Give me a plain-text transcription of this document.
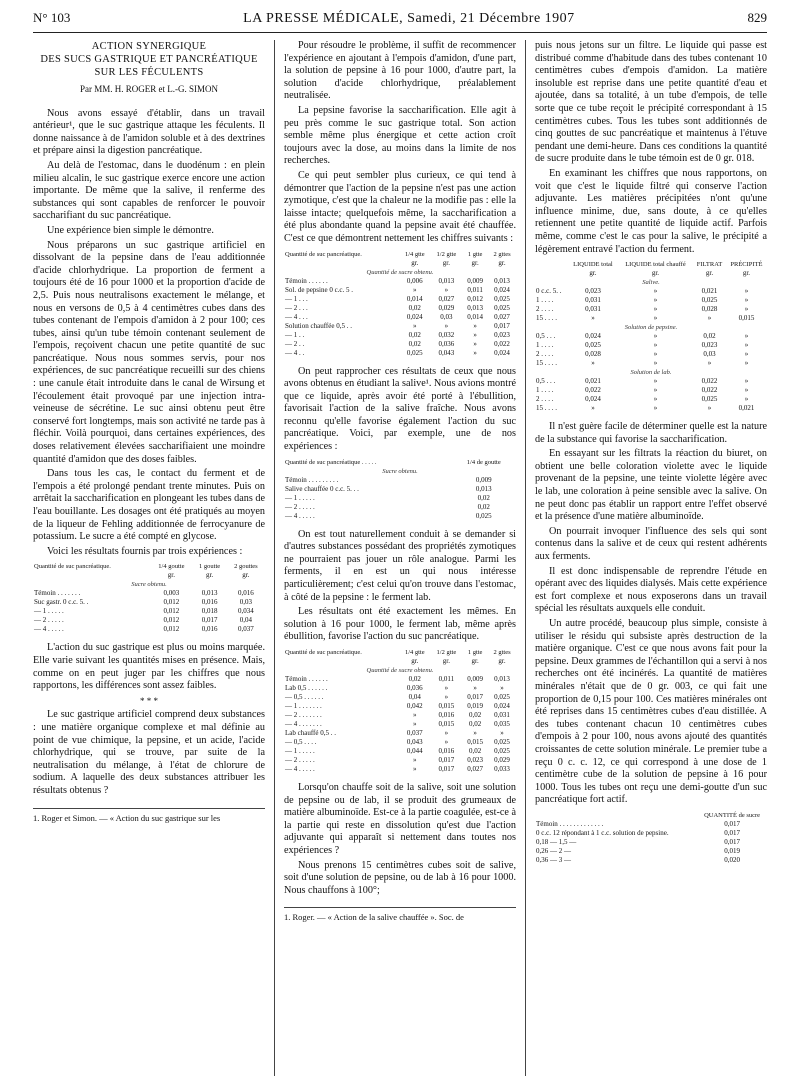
N° 103	LA PRESSE MÉDICALE, Samedi, 21 Décembre 1907	829

ACTION SYNERGIQUE
DES SUCS GASTRIQUE ET PANCRÉATIQUE
SUR LES FÉCULENTS

Par MM. H. ROGER et L.-G. SIMON

Nous avons essayé d'établir, dans un travail antérieur¹, que le suc gastrique attaque les féculents. Il donne naissance à de l'amidon soluble et à des dextrines et prépare ainsi la digestion pancréatique.

Au delà de l'estomac, dans le duodénum : en plein milieu alcalin, le suc gastrique exerce encore une action importante. De même que la salive, il renferme des substances qui sont capables de renforcer le pouvoir saccharifiant du suc pancréatique.

Une expérience bien simple le démontre.

Nous préparons un suc gastrique artificiel en dissolvant de la pepsine dans de l'eau additionnée d'acide chlorhydrique. La proportion de ferment a toujours été de 16 pour 1000 et la proportion d'acide de 2,5. Puis nous neutralisons exactement le mélange, et nous en versons de 0,5 à 4 centimètres cubes dans des tubes contenant de l'empois d'amidon à 2 pour 100; ces tubes, ainsi qu'un tube témoin contenant seulement de l'empois, reçoivent chacun une petite quantité de suc pancréatique. Nous nous sommes servis, pour nos expériences, de suc pancréatique recueilli sur des chiens : une canule était introduite dans le canal de Wirsung et l'écoulement était provoqué par une injection intra-veineuse de sécrétine. Le suc ainsi obtenu peut être conservé fort longtemps, mais son activité ne tarde pas à fléchir. Voilà pourquoi, dans certaines expériences, des doses relativement élevées saccharifiaient une moindre quantité d'amidon que des doses faibles.

Dans tous les cas, le contact du ferment et de l'empois a été prolongé pendant trente minutes. Puis on arrêtait la saccharification en plongeant les tubes dans de l'eau bouillante. Les dosages ont été pratiqués au moyen de la liqueur de Fehling additionnée de ferrocyanure de potassium. Le sucre a été compté en glycose.

Voici les résultats fournis par trois expériences :

Quantité de suc pancréatique.	1/4 goutte	1 goutte	2 gouttes
	gr.	gr.	gr.
Sucre obtenu.			
Témoin . . . . . . .	0,003	0,013	0,016
Suc gastr. 0 c.c. 5. .	0,012	0,016	0,03
— 1 . . . . .	0,012	0,018	0,034
— 2 . . . . .	0,012	0,017	0,04
— 4 . . . . .	0,012	0,016	0,037

L'action du suc gastrique est plus ou moins marquée. Elle varie suivant les quantités mises en présence. Mais, comme on en peut juger par les chiffres que nous rapportons, les différences sont assez faibles.

* * *

Le suc gastrique artificiel comprend deux substances : une matière organique complexe et mal définie au point de vue chimique, la pepsine, et un acide, l'acide chlorhydrique, qui se trouve, par suite de la neutralisation du mélange, à l'état de chlorure de sodium. A laquelle des deux substances attribuer les résultats obtenus ?

1. Roger et Simon. — « Action du suc gastrique sur les

Pour résoudre le problème, il suffit de recommencer l'expérience en ajoutant à l'empois d'amidon, d'une part, la solution de pepsine à 16 pour 1000, d'autre part, la solution d'acide chlorhydrique, préalablement neutralisée.

La pepsine favorise la saccharification. Elle agit à peu près comme le suc gastrique total. Son action semble même plus énergique et cette action croît toujours avec la dose, au moins dans la limite de nos recherches.

Ce qui peut sembler plus curieux, ce qui tend à démontrer que l'action de la pepsine n'est pas une action zymotique, c'est que la chaleur ne la modifie pas : elle la laisse intacte; quelquefois même, la saccharification a été plus abondante quand la pepsine avait été chauffée. C'est ce que démontrent nettement les chiffres suivants :

Quantité de suc pancréatique.	1/4 gtte	1/2 gtte	1 gtte	2 gttes
	gr.	gr.	gr.	gr.
Quantité de sucre obtenu.				
Témoin . . . . . .	0,006	0,013	0,009	0,013
Sol. de pepsine 0 c.c. 5 .	»	»	0,011	0,024
— 1 . . .	0,014	0,027	0,012	0,025
— 2 . . .	0,02	0,029	0,013	0,025
— 4 . . .	0,024	0,03	0,014	0,027
Solution chauffée 0,5 . .	»	»	»	0,017
— 1 . .	0,02	0,032	»	0,023
— 2 . .	0,02	0,036	»	0,022
— 4 . .	0,025	0,043	»	0,024

On peut rapprocher ces résultats de ceux que nous avons obtenus en étudiant la salive¹. Nous avions montré que ce liquide, après avoir été porté à l'ébullition, favorisait l'action de la salive fraîche. Nous avons reconnu qu'elle favorise également l'action du suc pancréatique. Voici, par exemple, une de nos expériences :

Quantité de suc pancréatique . . . . .	1/4 de goutte
Sucre obtenu.	
Témoin . . . . . . . . .	0,009
Salive chauffée 0 c.c. 5. . .	0,013
— 1 . . . . .	0,02
— 2 . . . . .	0,02
— 4 . . . . .	0,025

On est tout naturellement conduit à se demander si d'autres substances possédant des propriétés zymotiques ne pourraient pas jouer un rôle analogue. Parmi les ferments, il en est un qui nous intéresse particulièrement; c'est celui qu'on trouve dans l'estomac, à côté de la pepsine : le ferment lab.

Les résultats ont été exactement les mêmes. En solution à 16 pour 1000, le ferment lab, même après ébullition, favorise l'action du suc pancréatique.

Quantité de suc pancréatique.	1/4 gtte	1/2 gtte	1 gtte	2 gttes
	gr.	gr.	gr.	gr.
Quantité de sucre obtenu.				
Témoin . . . . . .	0,02	0,011	0,009	0,013
Lab 0,5 . . . . . .	0,036	»	»	»
— 0,5 . . . . . .	0,04	»	0,017	0,025
— 1 . . . . . . .	0,042	0,015	0,019	0,024
— 2 . . . . . . .	»	0,016	0,02	0,031
— 4 . . . . . . .	»	0,015	0,02	0,035
Lab chauffé 0,5 . .	0,037	»	»	»
— 0,5 . . . .	0,043	»	0,015	0,025
— 1 . . . . .	0,044	0,016	0,02	0,025
— 2 . . . . .	»	0,017	0,023	0,029
— 4 . . . . .	»	0,017	0,027	0,033

Lorsqu'on chauffe soit de la salive, soit une solution de pepsine ou de lab, il se produit des grumeaux de matière albuminoïde. Est-ce à la partie coagulée, est-ce à la partie qui reste en dissolution qu'est due l'action adjuvante qui apparaît si nettement dans toutes nos expériences ?

Nous prenons 15 centimètres cubes soit de salive, soit d'une solution de pepsine, ou de lab à 16 pour 1000. Nous chauffons à 100°;

1. Roger. — « Action de la salive chauffée ». Soc. de

puis nous jetons sur un filtre. Le liquide qui passe est distribué comme d'habitude dans des tubes contenant 10 centimètres cubes d'empois d'amidon. La matière insoluble est reprise dans une petite quantité d'eau et ajoutée, dans sa totalité, à un tube d'empois, de telle sorte que ce tube reçoit le précipité correspondant à 15 centimètres cubes. Tous les tubes sont additionnés de cinq gouttes de suc pancréatique et maintenus à l'étuve pendant une demi-heure. Dans ces conditions la quantité de sucre produite dans le tube témoin est de 0 gr. 018.

En examinant les chiffres que nous rapportons, on voit que c'est le liquide filtré qui conserve l'action adjuvante. Les matières précipitées n'ont qu'une influence minime, due, sans doute, à ce qu'elles retiennent une petite quantité de liquide actif. Parfois même, comme c'est le cas pour la salive, le précipité a légèrement entravé l'action du ferment.

	LIQUIDE total	LIQUIDE total chauffé	FILTRAT	PRÉCIPITÉ
	gr.	gr.	gr.	gr.
Salive.				
0 c.c. 5. .	0,023	»	0,021	»
1 . . . .	0,031	»	0,025	»
2 . . . .	0,031	»	0,028	»
15 . . . .	»	»	»	0,015
Solution de pepsine.				
0,5 . . .	0,024	»	0,02	»
1 . . . .	0,025	»	0,023	»
2 . . . .	0,028	»	0,03	»
15 . . . .	»	»	»	»
Solution de lab.				
0,5 . . .	0,021	»	0,022	»
1 . . . .	0,022	»	0,022	»
2 . . . .	0,024	»	0,025	»
15 . . . .	»	»	»	0,021

Il n'est guère facile de déterminer quelle est la nature de la substance qui favorise la saccharification.

En essayant sur les filtrats la réaction du biuret, on obtient une belle coloration violette avec le liquide provenant de la pepsine, une teinte violette légère avec le lab, une coloration à peine sensible avec la salive. On ne peut donc pas établir un rapport entre l'effet observé et la présence d'une matière albuminoïde.

On pourrait invoquer l'influence des sels qui sont contenus dans la salive et de ceux qui restent adhérents aux ferments.

Il est donc indispensable de reprendre l'étude en opérant avec des liquides dialysés. Mais cette expérience est fort complexe et nous exposerons dans un travail spécial les résultats auxquels elle conduit.

Un autre procédé, beaucoup plus simple, consiste à utiliser le résidu qui subsiste après destruction de la matière organique. C'est ce que nous avons fait pour la pepsine. Deux grammes de l'échantillon qui a servi à nos recherches ont été incinérés. La quantité de matières minérales n'était que de 0 gr. 003, ce qui fait une proportion de 0,15 pour 100. Ces matières minérales ont été reprises dans 15 centimètres cubes d'eau distillée. A des tubes contenant chacun 10 centimètres cubes d'empois à 2 pour 100, nous avons ajouté des quantités croissantes de cette solution minérale. Le premier tube a reçu 0 c. c. 12, ce qui correspond à une dose de 1 centimètre cube de la solution de pepsine à 16 pour 1000. Tous les tubes ont reçu une demi-goutte d'un suc pancréatique fort actif.

	QUANTITÉ de sucre
Témoin . . . . . . . . . . . . .	0,017
0 c.c. 12 répondant à 1 c.c. solution de pepsine.	0,017
0,18 — 1,5 —	0,017
0,26 — 2 —	0,019
0,36 — 3 —	0,020
